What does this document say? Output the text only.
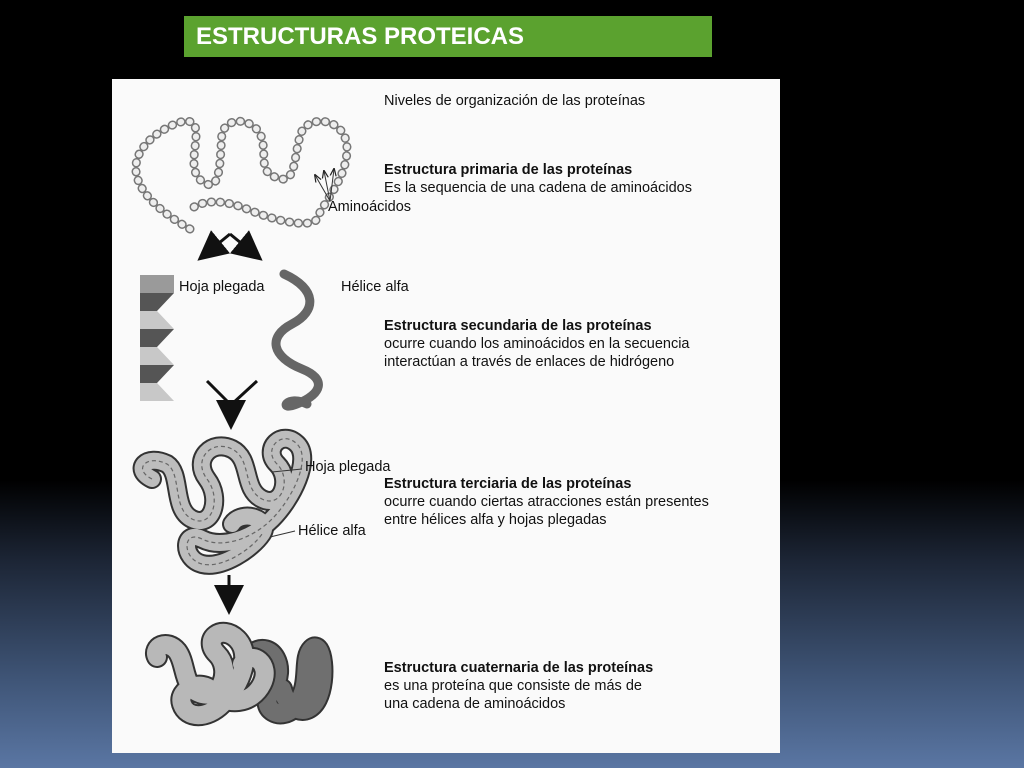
ESTRUCTURAS PROTEICAS
Niveles de organización de las proteínas
Estructura primaria de las proteínas
Es la sequencia de una cadena de aminoácidos
Aminoácidos
Hoja plegada	Hélice alfa
Estructura secundaria de las proteínas
ocurre cuando los aminoácidos en la secuencia
interactúan a través de enlaces de hidrógeno
Hoja plegada
Hélice alfa
Estructura terciaria de las proteínas
ocurre cuando ciertas atracciones están presentes
entre hélices alfa y hojas plegadas
Estructura cuaternaria de las proteínas
es una proteína que consiste de más de
una cadena de aminoácidos
